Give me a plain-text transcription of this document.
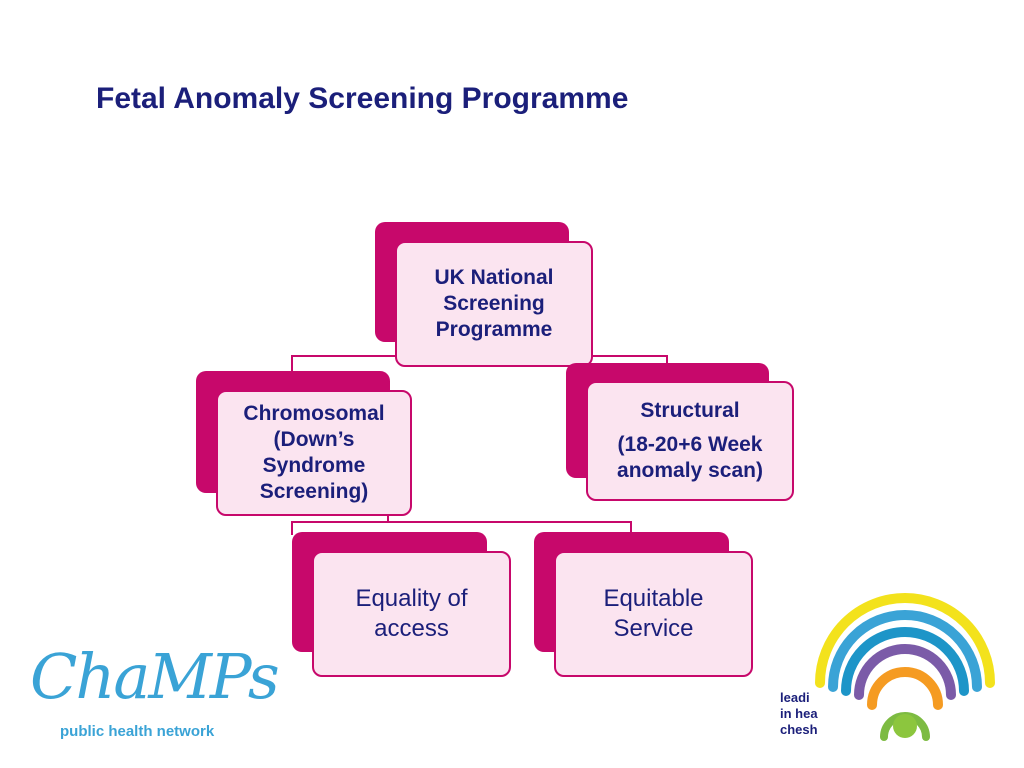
Fetal Anomaly Screening Programme
UK National Screening Programme
Chromosomal (Down’s Syndrome Screening)
Structural
(18-20+6 Week anomaly scan)
Equality of access
Equitable Service
ChaMPs
public health network
leadi
in hea
chesh
